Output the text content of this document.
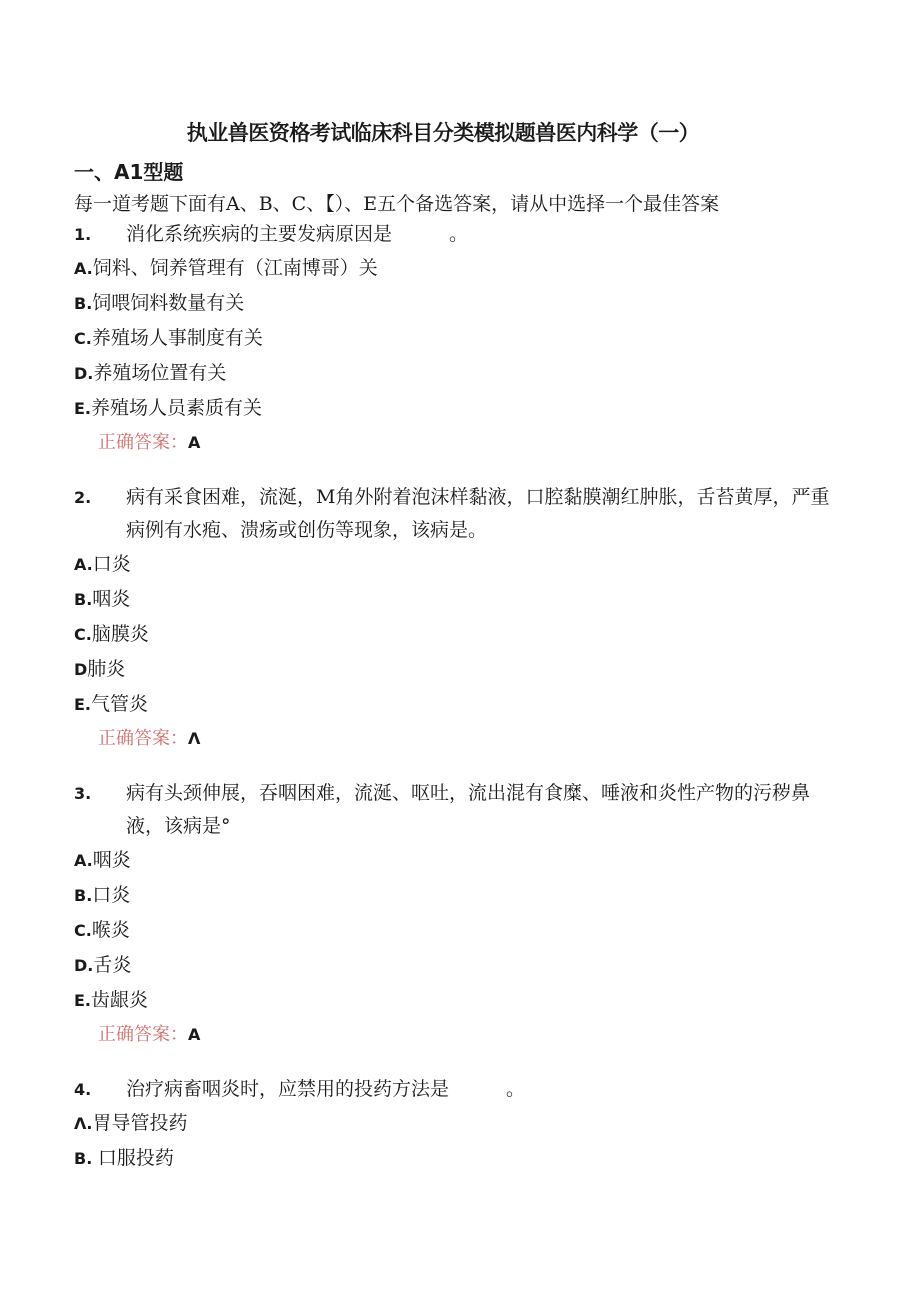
执业兽医资格考试临床科目分类模拟题兽医内科学（一）
一、A1型题
每一道考题下面有A、B、C、【）、E五个备选答案，请从中选择一个最佳答案

1. 消化系统疾病的主要发病原因是　　　。

A.饲料、饲养管理有（江南博哥）关

B.饲喂饲料数量有关

C.养殖场人事制度有关

D.养殖场位置有关

E.养殖场人员素质有关

正确答案：A

2. 病有采食困难，流涎，M角外附着泡沫样黏液，口腔黏膜潮红肿胀，舌苔黄厚，严重病例有水疱、溃疡或创伤等现象，该病是。

A.口炎

B.咽炎

C.脑膜炎

D肺炎

E.气管炎

正确答案：Λ

3. 病有头颈伸展，吞咽困难，流涎、呕吐，流出混有食糜、唾液和炎性产物的污秽鼻液，该病是°

A.咽炎

B.口炎

C.喉炎

D.舌炎

E.齿龈炎

正确答案：A

4. 治疗病畜咽炎时，应禁用的投药方法是　　　。

Λ.胃导管投药

B. 口服投药
